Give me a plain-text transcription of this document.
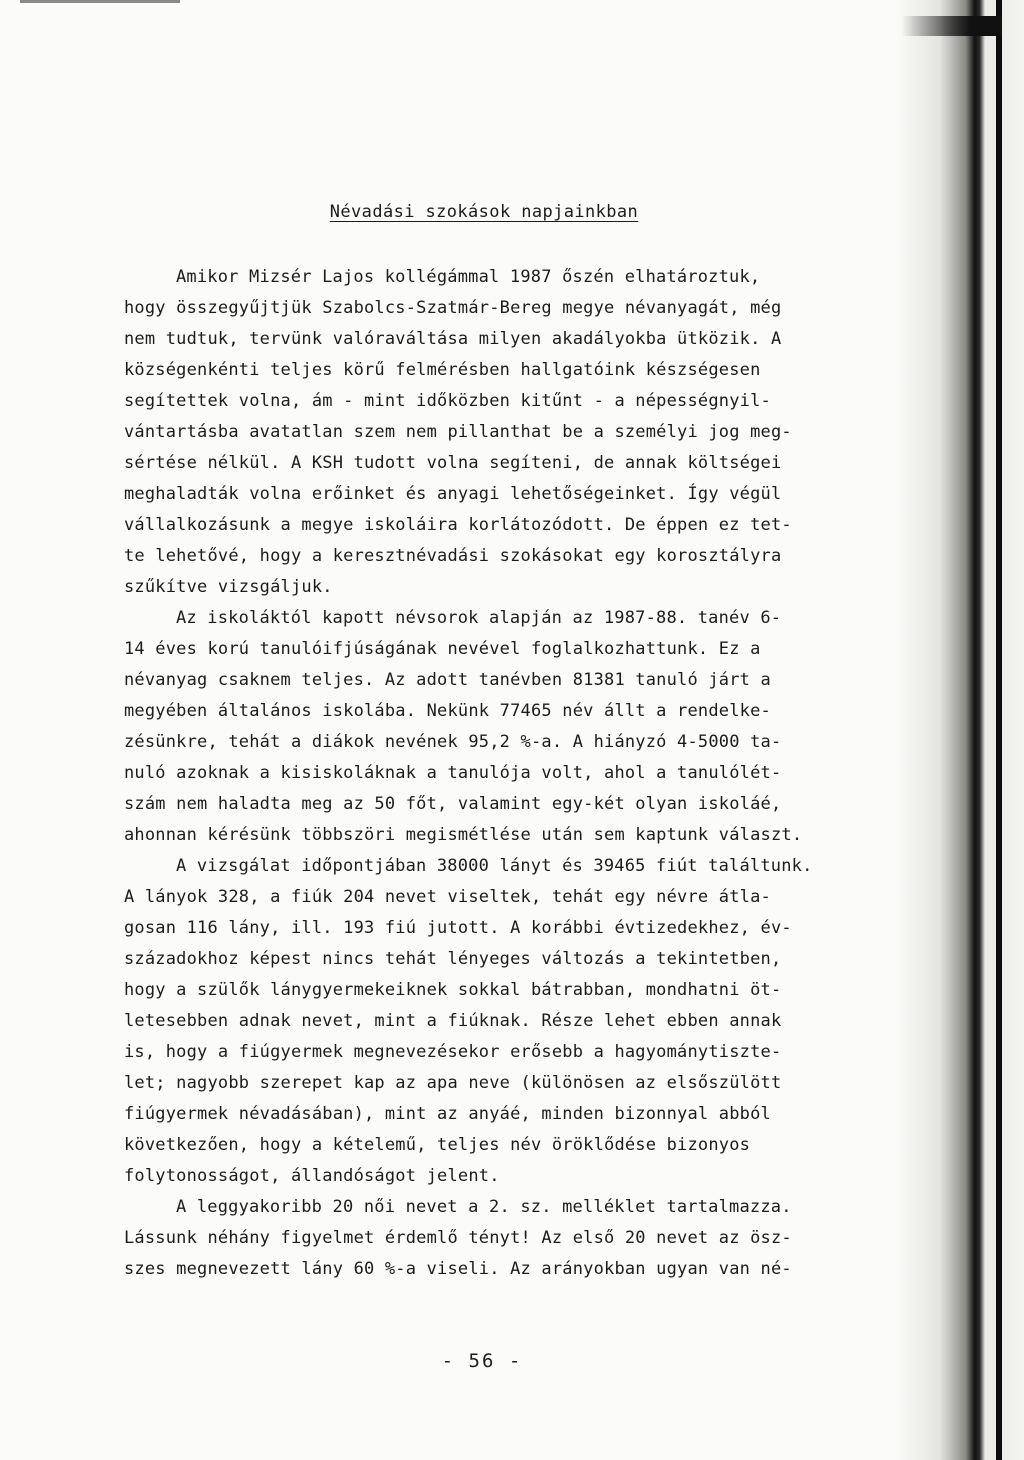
Névadási szokások napjainkban
Amikor Mizsér Lajos kollégámmal 1987 őszén elhatároztuk,
hogy összegyűjtjük Szabolcs-Szatmár-Bereg megye névanyagát, még
nem tudtuk, tervünk valóraváltása milyen akadályokba ütközik. A
községenkénti teljes körű felmérésben hallgatóink készségesen
segítettek volna, ám - mint időközben kitűnt - a népességnyil-
vántartásba avatatlan szem nem pillanthat be a személyi jog meg-
sértése nélkül. A KSH tudott volna segíteni, de annak költségei
meghaladták volna erőinket és anyagi lehetőségeinket. Így végül
vállalkozásunk a megye iskoláira korlátozódott. De éppen ez tet-
te lehetővé, hogy a keresztnévadási szokásokat egy korosztályra
szűkítve vizsgáljuk.
Az iskoláktól kapott névsorok alapján az 1987-88. tanév 6-
14 éves korú tanulóifjúságának nevével foglalkozhattunk. Ez a
névanyag csaknem teljes. Az adott tanévben 81381 tanuló járt a
megyében általános iskolába. Nekünk 77465 név állt a rendelke-
zésünkre, tehát a diákok nevének 95,2 %-a. A hiányzó 4-5000 ta-
nuló azoknak a kisiskoláknak a tanulója volt, ahol a tanulólét-
szám nem haladta meg az 50 főt, valamint egy-két olyan iskoláé,
ahonnan kérésünk többszöri megismétlése után sem kaptunk választ.
A vizsgálat időpontjában 38000 lányt és 39465 fiút találtunk.
A lányok 328, a fiúk 204 nevet viseltek, tehát egy névre átla-
gosan 116 lány, ill. 193 fiú jutott. A korábbi évtizedekhez, év-
századokhoz képest nincs tehát lényeges változás a tekintetben,
hogy a szülők lánygyermekeiknek sokkal bátrabban, mondhatni öt-
letesebben adnak nevet, mint a fiúknak. Része lehet ebben annak
is, hogy a fiúgyermek megnevezésekor erősebb a hagyománytisztе-
let; nagyobb szerepet kap az apa neve (különösen az elsőszülött
fiúgyermek névadásában), mint az anyáé, minden bizonnyal abból
következően, hogy a kételemű, teljes név öröklődése bizonyos
folytonosságot, állandóságot jelent.
A leggyakoribb 20 női nevet a 2. sz. melléklet tartalmazza.
Lássunk néhány figyelmet érdemlő tényt! Az első 20 nevet az ösz-
szes megnevezett lány 60 %-a viseli. Az arányokban ugyan van né-
- 56 -
